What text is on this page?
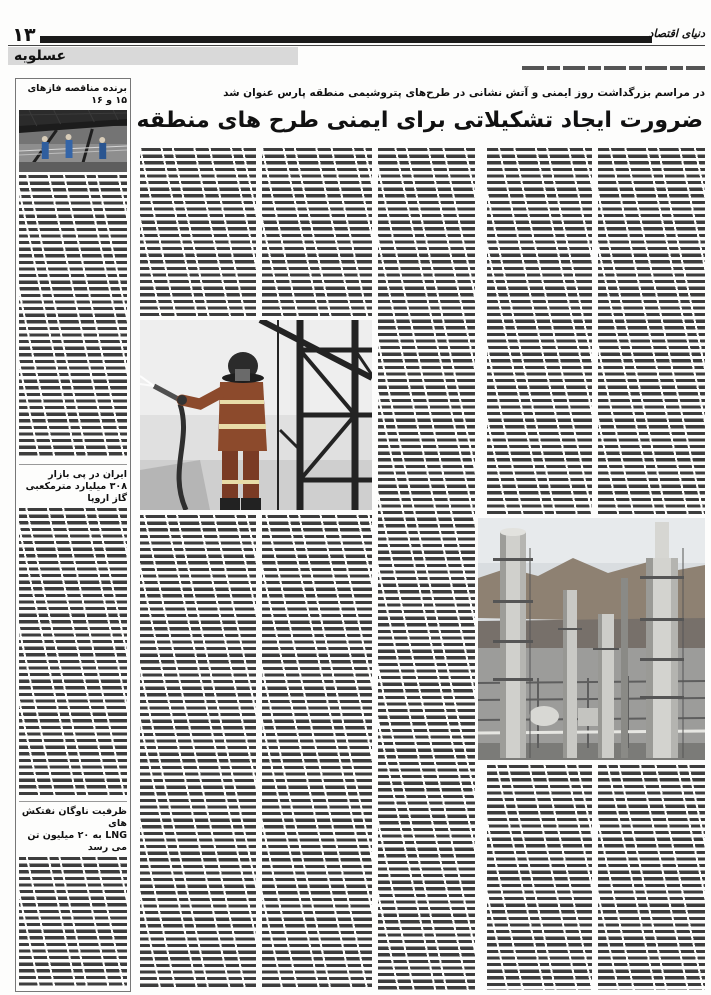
۱۳	دنیای اقتصاد
عسلویه
برنده مناقصه فازهای
۱۵ و ۱۶
ایران در پی بازار
۳۰۸ میلیارد مترمکعبی گاز اروپا
ظرفیت ناوگان نفتکش های
LNG به ۲۰ میلیون تن می رسد
در مراسم بزرگداشت روز ایمنی و آتش نشانی در طرح‌های پتروشیمی منطقه پارس عنوان شد
ضرورت ایجاد تشکیلاتی برای ایمنی طرح های منطقه
